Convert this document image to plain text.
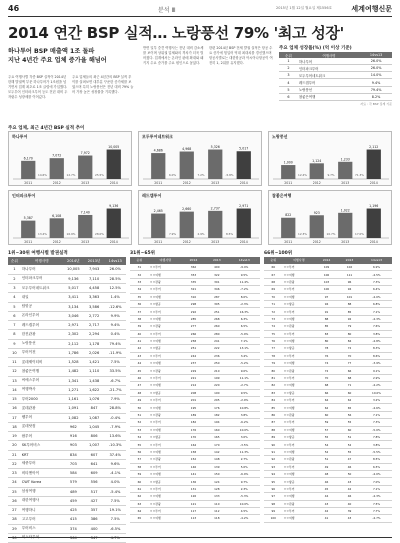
46	분석 Ⅲ	2015년 1월 12일 월요일 제1556호	세계여행신문
2014 연간 BSP 실적… 노랑풍선 79% '최고 성장'
하나투어 BSP 매출액 1조 돌파
지난 4년간 주요 업체 증가율 해넘어
주요 여행사별 각종 BSP 실적이 2014년 한해 발권액 부문 하나투어가 1조원을 넘기면서 업계 최초로 1조 클럽에 가입했다. 모두투어 인터파크투어 등도 전년 대비 두 자릿수 성장세를 이어갔다.
주요 업체들의 최근 4년간의 BSP 실적 추이를 살펴보면 대부분 꾸준한 증가세를 보였으며 특히 노랑풍선은 전년 대비 79% 늘어 가장 높은 성장률을 기록했다.
반면 일부 중견 여행사는 전년 대비 감소세를 보이며 상위권 업체와의 격차가 더욱 벌어졌다. 업계에서는 온라인 판매 확대와 패키지 수요 증가를 주요 원인으로 꼽았다.
한편 2014년 BSP 전체 발권 실적은 항공 수요 증가에 힘입어 역대 최대치를 경신했으며 항공사별로는 대한항공과 아시아나항공이 여전히 1, 2위를 유지했다.
주요 업체 성장률(%) (억 이상 기준)
순위	여행사명	14vs13
1	하나투어	26.0%
2	인터파크투어	26.0%
3	모두투어네트워크	14.0%
4	레드캡투어	9.4%
5	노랑풍선	79.4%
6	참좋은여행	8.2%
자료 : 각 BSP 집계 기준
주요 업체, 최근 4년간 BSP 실적 추이
하나투어
6,170
2011
7,072
2012
14.6%
7,972
2013
12.7%
10,005
2014
25.5%
모두투어네트워크
4,686
2011
4,968
2012
6.0%
5,326
2013
7.2%
5,017
2014
-5.8%
노랑풍선
1,000
2011
1,124
2012
12.4%
1,233
2013
9.7%
2,112
2014
71.3%
인터파크투어
5,387
2011
6,108
2012
13.4%
7,140
2013
16.9%
9,136
2014
28.0%
레드캡투어
2,465
2011
2,660
2012
7.9%
2,737
2013
2.9%
2,971
2014
8.5%
참좋은여행
822
2011
923
2012
12.3%
1,022
2013
10.7%
1,196
2014
17.0%
1위~30위 여행사별 발권실적
순위	여행사명	2014년	2013년	14vs13
1	하나투어	10,005	7,943	26.0%
2	인터파크투어	9,136	7,110	28.5%
3	모두투어네트워크	5,017	4,458	12.5%
4	내일	3,411	3,363	1.4%
5	탑항공	3,134	3,586	-12.6%
6	온라인투어	3,046	2,772	9.9%
7	레드캡투어	2,971	2,717	9.4%
8	한진관광	2,302	2,294	0.4%
9	노랑풍선	2,112	1,178	79.4%
10	투어이천	1,786	2,026	-11.9%
11	롯데제이티비	1,528	1,421	7.5%
12	참좋은여행	1,482	1,110	33.5%
13	씨에스투어	1,341	1,438	-6.7%
14	여행박사	1,271	1,622	-21.7%
15	투어2000	1,161	1,076	7.9%
16	롯데관광	1,091	847	28.8%
17	웹투어	1,082	1,087	-0.4%
18	롯데닷컴	962	1,045	-7.9%
19	팜투어	916	806	13.6%
20	SK투어비스	903	1,007	-10.3%
21	KRT	834	607	37.4%
22	세중투어	703	641	9.6%
23	비티앤아이	584	609	-4.1%
24	CWT Korea	579	556	4.0%
25	삼성여행	489	517	-5.4%
26	대한여행사	459	427	7.5%
27	여행하니	425	357	19.1%
28	고고투어	415	386	7.5%
29	투어비스	374	400	-6.5%

31위~65위
순위	여행사명	2014	2013	14vs13
31	ㅇㅇ투어	362	400	-9.4%
32	ㅇㅇ여행	353	322	9.5%
33	ㅇㅇ관광	335	301	11.4%
34	ㅇㅇ투어	321	346	-7.2%
35	ㅇㅇ여행	310	287	8.0%
36	ㅇㅇ항공	298	305	-2.3%
37	ㅇㅇ투어	292	251	16.3%
38	ㅇㅇ여행	285	268	6.3%
39	ㅇㅇ관광	277	260	6.5%
40	ㅇㅇ투어	266	280	-5.0%
41	ㅇㅇ여행	258	241	7.1%
42	ㅇㅇ항공	251	222	13.1%
43	ㅇㅇ투어	244	236	3.4%
44	ㅇㅇ여행	237	250	-5.2%
45	ㅇㅇ관광	229	210	9.0%
46	ㅇㅇ투어	221	199	11.1%
47	ㅇㅇ여행	214	220	-2.7%
48	ㅇㅇ항공	208	190	9.5%
49	ㅇㅇ투어	201	205	-2.0%
50	ㅇㅇ여행	195	176	10.8%
51	ㅇㅇ관광	189	182	3.8%
52	ㅇㅇ투어	182	194	-6.2%
53	ㅇㅇ여행	176	160	10.0%
54	ㅇㅇ항공	170	165	3.0%
55	ㅇㅇ투어	164	170	-3.5%
56	ㅇㅇ여행	158	142	11.3%
57	ㅇㅇ관광	152	148	2.7%
58	ㅇㅇ투어	146	139	5.0%
59	ㅇㅇ여행	141	150	-6.0%
60	ㅇㅇ항공	136	124	9.7%
61	ㅇㅇ투어	131	128	2.3%
62	ㅇㅇ여행	126	133	-5.3%
63	ㅇㅇ관광	121	110	10.0%
64	ㅇㅇ투어	117	112	4.5%
65	ㅇㅇ여행	113	118	-4.2%
66위~100위
순위	여행사명	2014	2013	14vs13
66	ㅇㅇ투어	109	102	6.9%
67	ㅇㅇ여행	106	111	-4.5%
68	ㅇㅇ관광	103	96	7.3%
69	ㅇㅇ투어	100	94	6.4%
70	ㅇㅇ여행	97	101	-4.0%
71	ㅇㅇ항공	94	88	6.8%
72	ㅇㅇ투어	91	85	7.1%
73	ㅇㅇ여행	88	92	-4.3%
74	ㅇㅇ관광	85	79	7.6%
75	ㅇㅇ투어	83	80	3.8%
76	ㅇㅇ여행	80	84	-4.8%
77	ㅇㅇ항공	78	72	8.3%
78	ㅇㅇ투어	76	70	8.6%
79	ㅇㅇ여행	74	77	-3.9%
80	ㅇㅇ관광	72	66	9.1%
81	ㅇㅇ투어	70	68	2.9%
82	ㅇㅇ여행	68	71	-4.2%
83	ㅇㅇ항공	66	60	10.0%
84	ㅇㅇ투어	64	62	3.2%
85	ㅇㅇ여행	62	65	-4.6%
86	ㅇㅇ관광	60	56	7.1%
87	ㅇㅇ투어	59	55	7.3%
88	ㅇㅇ여행	57	60	-5.0%
89	ㅇㅇ항공	55	51	7.8%
90	ㅇㅇ투어	54	52	3.8%
91	ㅇㅇ여행	52	55	-5.5%
92	ㅇㅇ관광	51	47	8.5%
93	ㅇㅇ투어	49	46	6.5%
94	ㅇㅇ여행	48	50	-4.0%
95	ㅇㅇ항공	46	43	7.0%
96	ㅇㅇ투어	45	42	7.1%
97	ㅇㅇ여행	44	46	-4.3%
98	ㅇㅇ관광	43	40	7.5%
99	ㅇㅇ투어	42	39	7.7%
100	ㅇㅇ여행	41	43	-4.7%
